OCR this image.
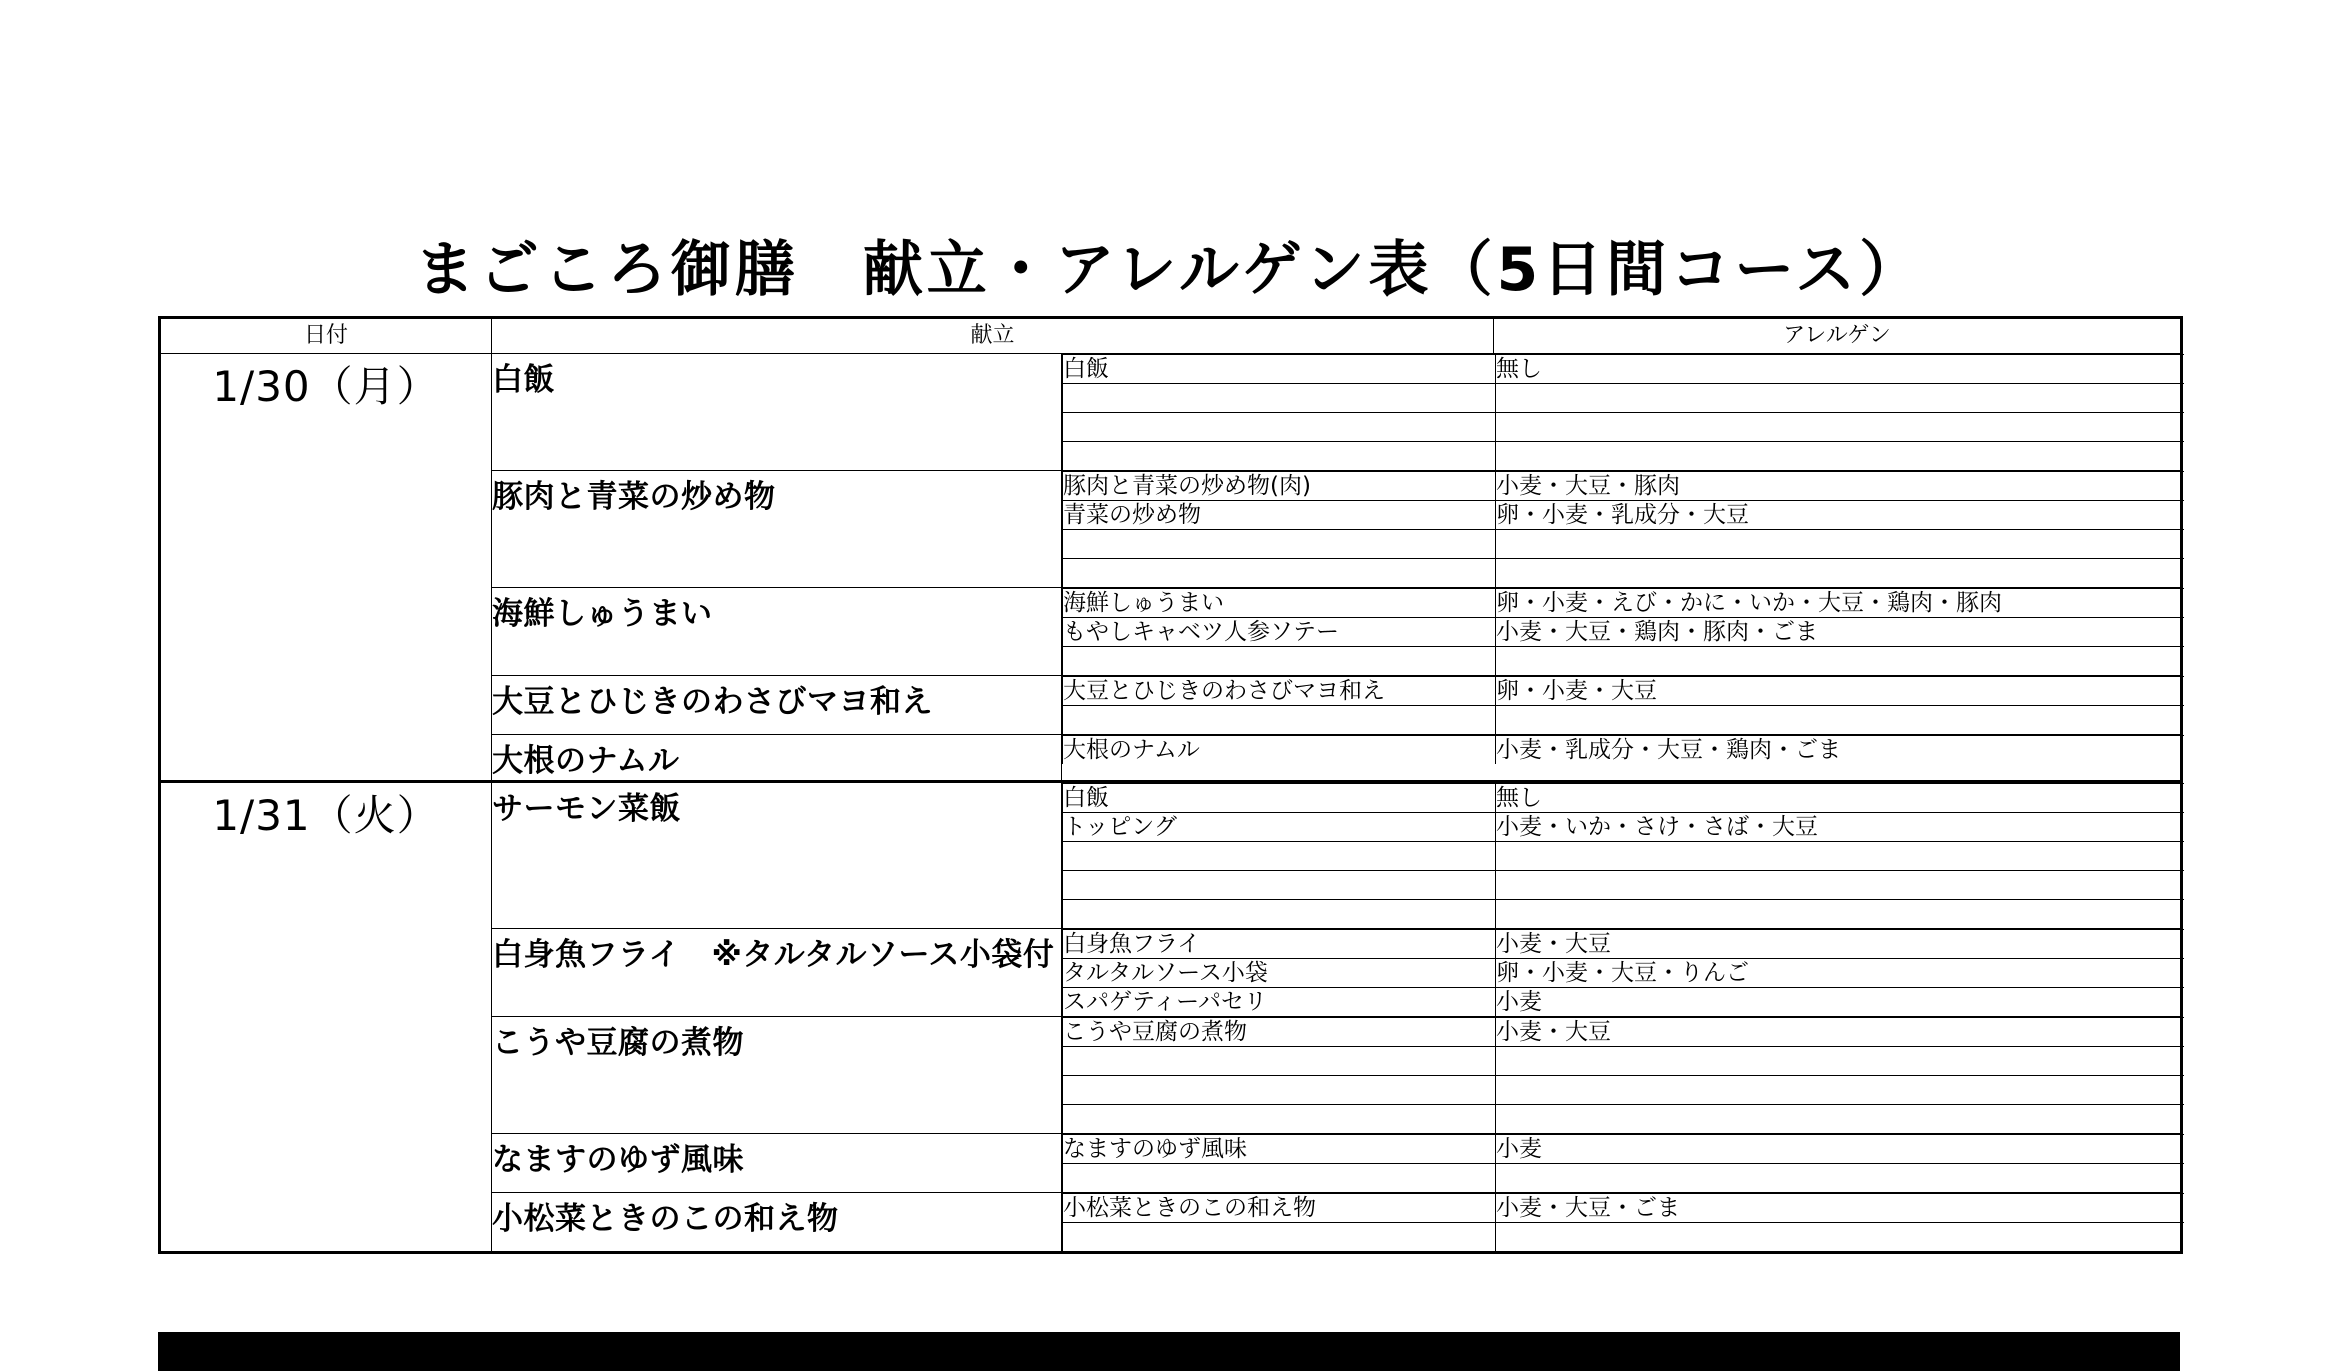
まごころ御膳　献立・アレルゲン表（5日間コース）
日付	献立	アレルゲン
1/30（月）	白飯		白飯	無し

豚肉と青菜の炒め物		豚肉と青菜の炒め物(肉)	小麦・大豆・豚肉
青菜の炒め物	卵・小麦・乳成分・大豆

海鮮しゅうまい		海鮮しゅうまい	卵・小麦・えび・かに・いか・大豆・鶏肉・豚肉
もやしキャベツ人参ソテー	小麦・大豆・鶏肉・豚肉・ごま

大豆とひじきのわさびマヨ和え		大豆とひじきのわさびマヨ和え	卵・小麦・大豆

大根のナムル		大根のナムル	小麦・乳成分・大豆・鶏肉・ごま

1/31（火）	サーモン菜飯		白飯	無し
トッピング	小麦・いか・さけ・さば・大豆

白身魚フライ　※タルタルソース小袋付	白身魚フライ	小麦・大豆
タルタルソース小袋	卵・小麦・大豆・りんご
スパゲティーパセリ	小麦

こうや豆腐の煮物		こうや豆腐の煮物	小麦・大豆

なますのゆず風味		なますのゆず風味	小麦

小松菜ときのこの和え物		小松菜ときのこの和え物	小麦・大豆・ごま
